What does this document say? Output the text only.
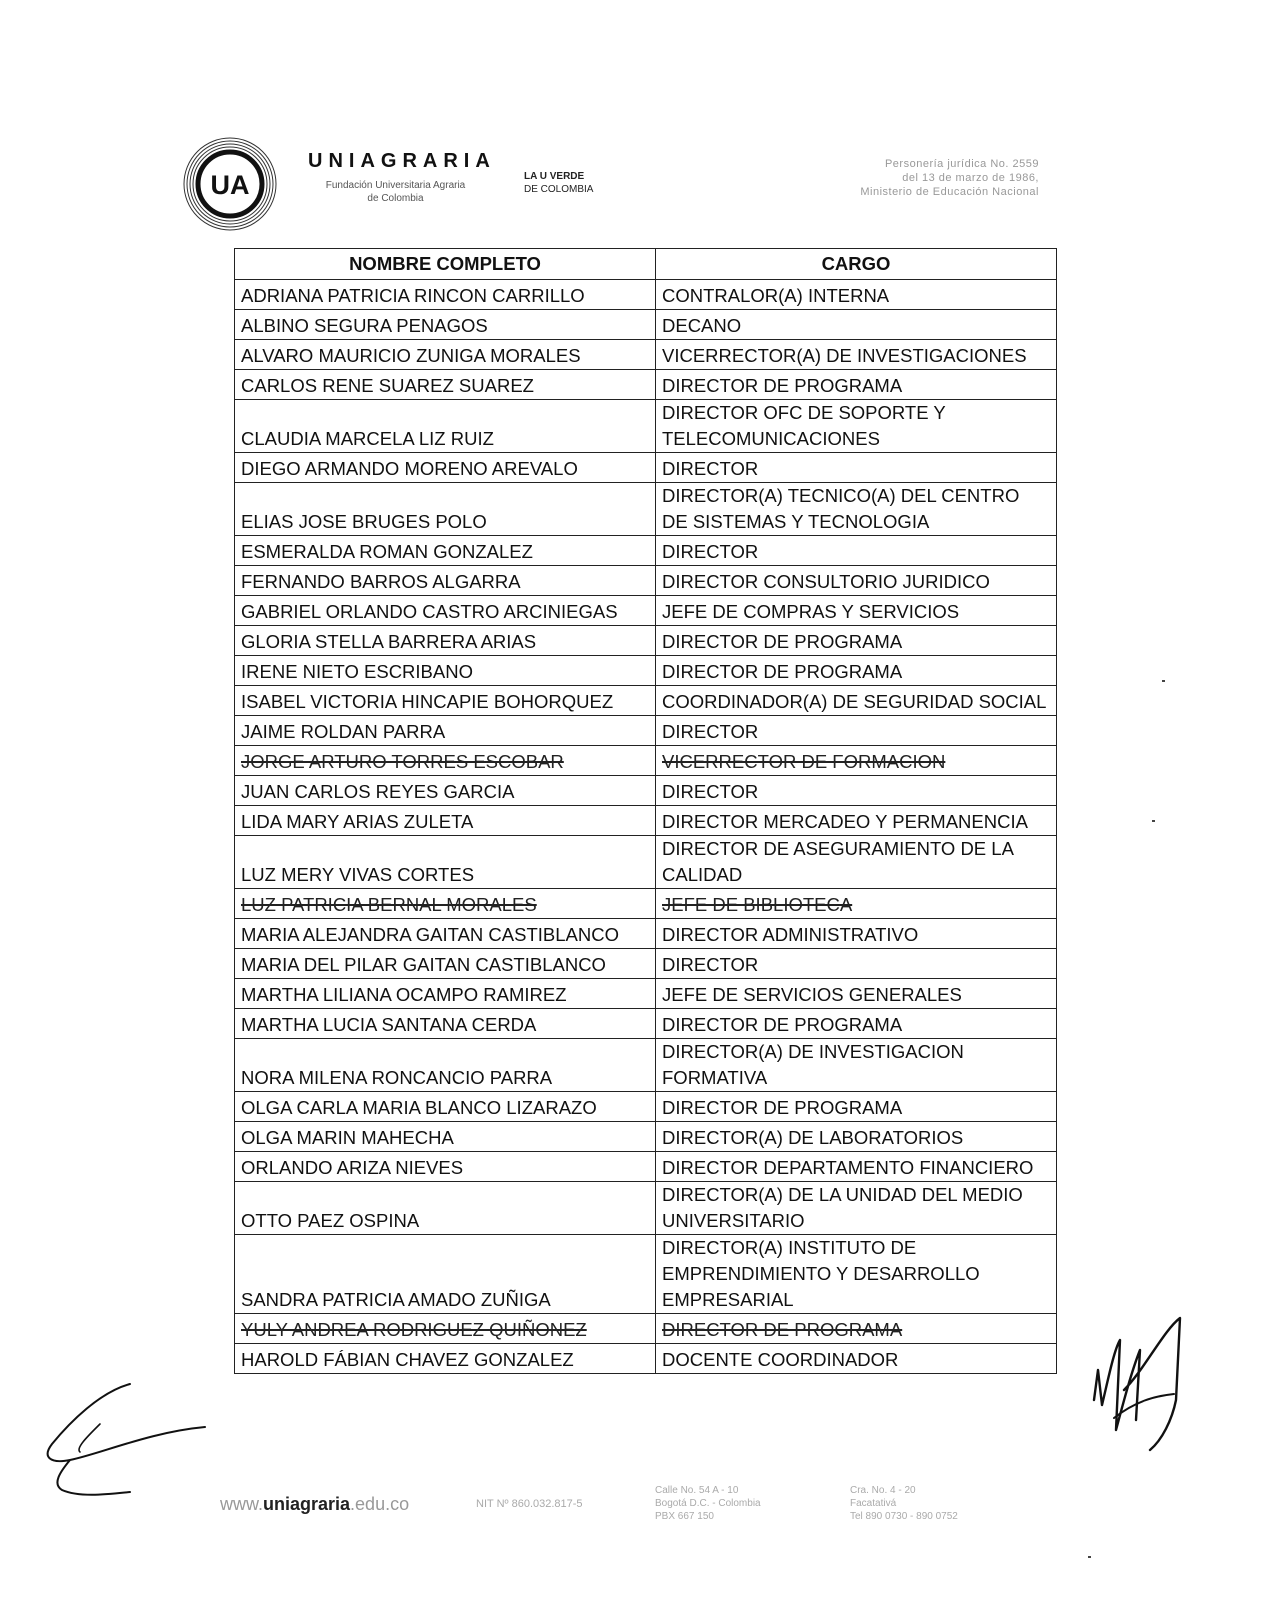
UA
UNIAGRARIA
Fundación Universitaria Agraria
de Colombia
LA U VERDE
DE COLOMBIA
Personería jurídica No. 2559
del 13 de marzo de 1986,
Ministerio de Educación Nacional
NOMBRE COMPLETO	CARGO
ADRIANA PATRICIA RINCON CARRILLO	CONTRALOR(A) INTERNA
ALBINO SEGURA PENAGOS	DECANO
ALVARO MAURICIO ZUNIGA MORALES	VICERRECTOR(A) DE INVESTIGACIONES
CARLOS RENE SUAREZ SUAREZ	DIRECTOR DE PROGRAMA
CLAUDIA MARCELA LIZ RUIZ	DIRECTOR OFC DE SOPORTE Y TELECOMUNICACIONES
DIEGO ARMANDO MORENO AREVALO	DIRECTOR
ELIAS JOSE BRUGES POLO	DIRECTOR(A) TECNICO(A) DEL CENTRO DE SISTEMAS Y TECNOLOGIA
ESMERALDA ROMAN GONZALEZ	DIRECTOR
FERNANDO BARROS ALGARRA	DIRECTOR CONSULTORIO JURIDICO
GABRIEL ORLANDO CASTRO ARCINIEGAS	JEFE DE COMPRAS Y SERVICIOS
GLORIA STELLA BARRERA ARIAS	DIRECTOR DE PROGRAMA
IRENE NIETO ESCRIBANO	DIRECTOR DE PROGRAMA
ISABEL VICTORIA HINCAPIE BOHORQUEZ	COORDINADOR(A) DE SEGURIDAD SOCIAL
JAIME ROLDAN PARRA	DIRECTOR
JORGE ARTURO TORRES ESCOBAR	VICERRECTOR DE FORMACION
JUAN CARLOS REYES GARCIA	DIRECTOR
LIDA MARY ARIAS ZULETA	DIRECTOR MERCADEO Y PERMANENCIA
LUZ MERY VIVAS CORTES	DIRECTOR DE ASEGURAMIENTO DE LA CALIDAD
LUZ PATRICIA BERNAL MORALES	JEFE DE BIBLIOTECA
MARIA ALEJANDRA GAITAN CASTIBLANCO	DIRECTOR ADMINISTRATIVO
MARIA DEL PILAR GAITAN CASTIBLANCO	DIRECTOR
MARTHA LILIANA OCAMPO RAMIREZ	JEFE DE SERVICIOS GENERALES
MARTHA LUCIA SANTANA CERDA	DIRECTOR DE PROGRAMA
NORA MILENA RONCANCIO PARRA	DIRECTOR(A) DE INVESTIGACION FORMATIVA
OLGA CARLA MARIA BLANCO LIZARAZO	DIRECTOR DE PROGRAMA
OLGA MARIN MAHECHA	DIRECTOR(A) DE LABORATORIOS
ORLANDO ARIZA NIEVES	DIRECTOR DEPARTAMENTO FINANCIERO
OTTO PAEZ OSPINA	DIRECTOR(A) DE LA UNIDAD DEL MEDIO UNIVERSITARIO
SANDRA PATRICIA AMADO ZUÑIGA	DIRECTOR(A) INSTITUTO DE EMPRENDIMIENTO Y DESARROLLO EMPRESARIAL
YULY ANDREA RODRIGUEZ QUIÑONEZ	DIRECTOR DE PROGRAMA
HAROLD FÁBIAN CHAVEZ GONZALEZ	DOCENTE COORDINADOR
www.uniagraria.edu.co	NIT Nº 860.032.817-5
Calle No. 54 A - 10
Bogotá D.C. - Colombia
PBX 667 150
Cra. No. 4 - 20
Facatativá
Tel 890 0730 - 890 0752
